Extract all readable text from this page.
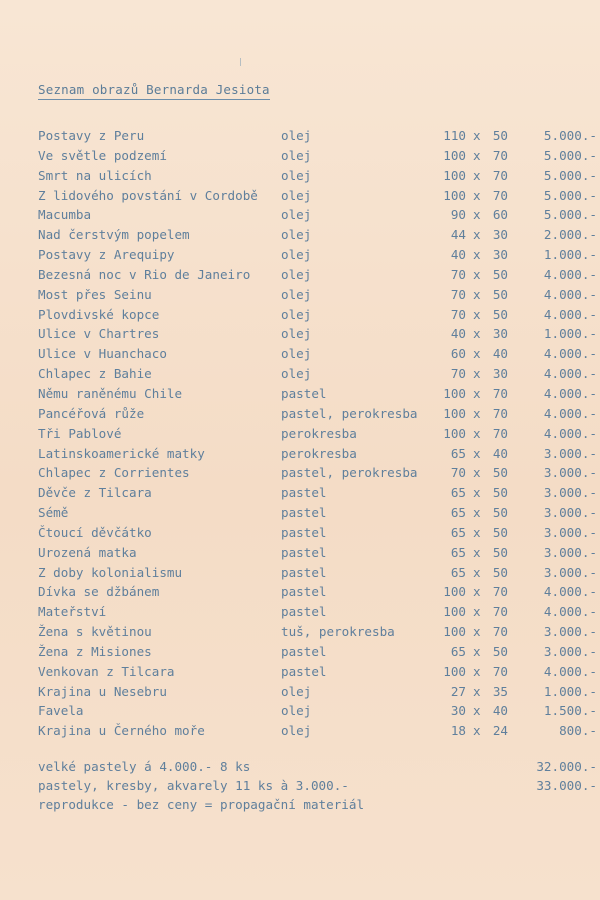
Seznam obrazů Bernarda Jesiota
Postavy z Peru	olej	110 x 50	5.000.-
Ve světle podzemí	olej	100 x 70	5.000.-
Smrt na ulicích	olej	100 x 70	5.000.-
Z lidového povstání v Cordobě olej	100 x 70	5.000.-
Macumba	olej	90 x 60	5.000.-
Nad čerstvým popelem	olej	44 x 30	2.000.-
Postavy z Arequipy	olej	40 x 30	1.000.-
Bezesná noc v Rio de Janeiro olej	70 x 50	4.000.-
Most přes Seinu	olej	70 x 50	4.000.-
Plovdivské kopce	olej	70 x 50	4.000.-
Ulice v Chartres	olej	40 x 30	1.000.-
Ulice v Huanchaco	olej	60 x 40	4.000.-
Chlapec z Bahie	olej	70 x 30	4.000.-
Němu raněnému Chile	pastel	100 x 70	4.000.-
Pancéřová růže	pastel, perokresba	100 x 70	4.000.-
Tři Pablové	perokresba	100 x 70	4.000.-
Latinskoamerické matky	perokresba	65 x 40	3.000.-
Chlapec z Corrientes	pastel, perokresba	70 x 50	3.000.-
Děvče z Tilcara	pastel	65 x 50	3.000.-
Sémě	pastel	65 x 50	3.000.-
Čtoucí děvčátko	pastel	65 x 50	3.000.-
Urozená matka	pastel	65 x 50	3.000.-
Z doby kolonialismu	pastel	65 x 50	3.000.-
Dívka se džbánem	pastel	100 x 70	4.000.-
Mateřství	pastel	100 x 70	4.000.-
Žena s květinou	tuš, perokresba	100 x 70	3.000.-
Žena z Misiones	pastel	65 x 50	3.000.-
Venkovan z Tilcara	pastel	100 x 70	4.000.-
Krajina u Nesebru	olej	27 x 35	1.000.-
Favela	olej	30 x 40	1.500.-
Krajina u Černého moře	olej	18 x 24	800.-
velké pastely á 4.000.- 8 ks	32.000.-
pastely, kresby, akvarely 11 ks à 3.000.-	33.000.-
reprodukce - bez ceny = propagační materiál
